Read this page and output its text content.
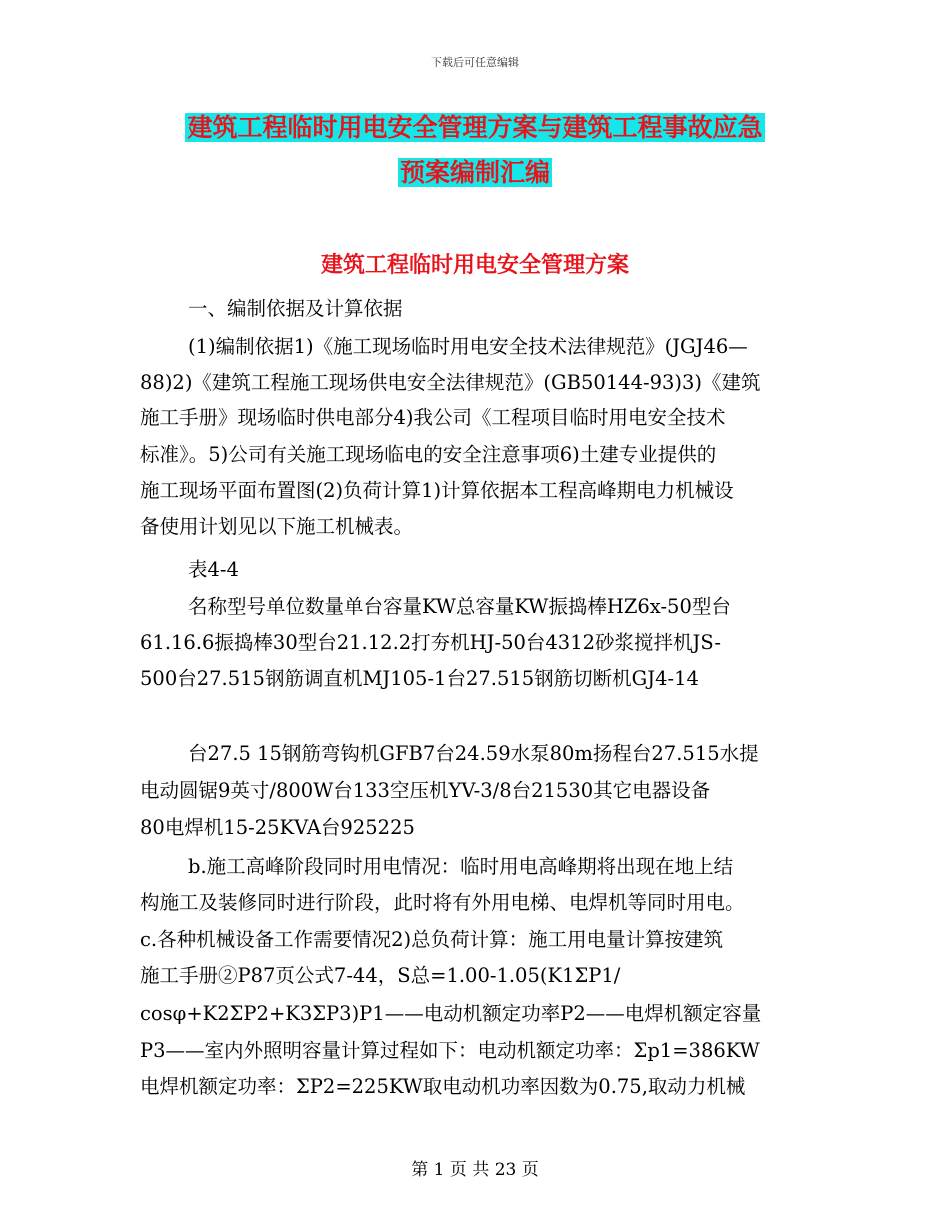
下载后可任意编辑
建筑工程临时用电安全管理方案与建筑工程事故应急
预案编制汇编
建筑工程临时用电安全管理方案
一、编制依据及计算依据
(1)编制依据1)《施工现场临时用电安全技术法律规范》(JGJ46—
88)2)《建筑工程施工现场供电安全法律规范》(GB50144-93)3)《建筑
施工手册》现场临时供电部分4)我公司《工程项目临时用电安全技术
标准》。5)公司有关施工现场临电的安全注意事项6)土建专业提供的
施工现场平面布置图(2)负荷计算1)计算依据本工程高峰期电力机械设
备使用计划见以下施工机械表。
表4-4
名称型号单位数量单台容量KW总容量KW振捣棒HZ6x-50型台
61.16.6振捣棒30型台21.12.2打夯机HJ-50台4312砂浆搅拌机JS-
500台27.515钢筋调直机MJ105-1台27.515钢筋切断机GJ4-14
台27.5 15钢筋弯钩机GFB7台24.59水泵80m扬程台27.515水提
电动圆锯9英寸/800W台133空压机YV-3/8台21530其它电器设备
80电焊机15-25KVA台925225
b.施工高峰阶段同时用电情况：临时用电高峰期将出现在地上结
构施工及装修同时进行阶段，此时将有外用电梯、电焊机等同时用电。
c.各种机械设备工作需要情况2)总负荷计算：施工用电量计算按建筑
施工手册②P87页公式7-44，S总=1.00-1.05(K1ΣP1/
cosφ+K2ΣP2+K3ΣP3)P1——电动机额定功率P2——电焊机额定容量
P3——室内外照明容量计算过程如下：电动机额定功率：Σp1=386KW
电焊机额定功率：ΣP2=225KW取电动机功率因数为0.75,取动力机械
第 1 页 共 23 页
